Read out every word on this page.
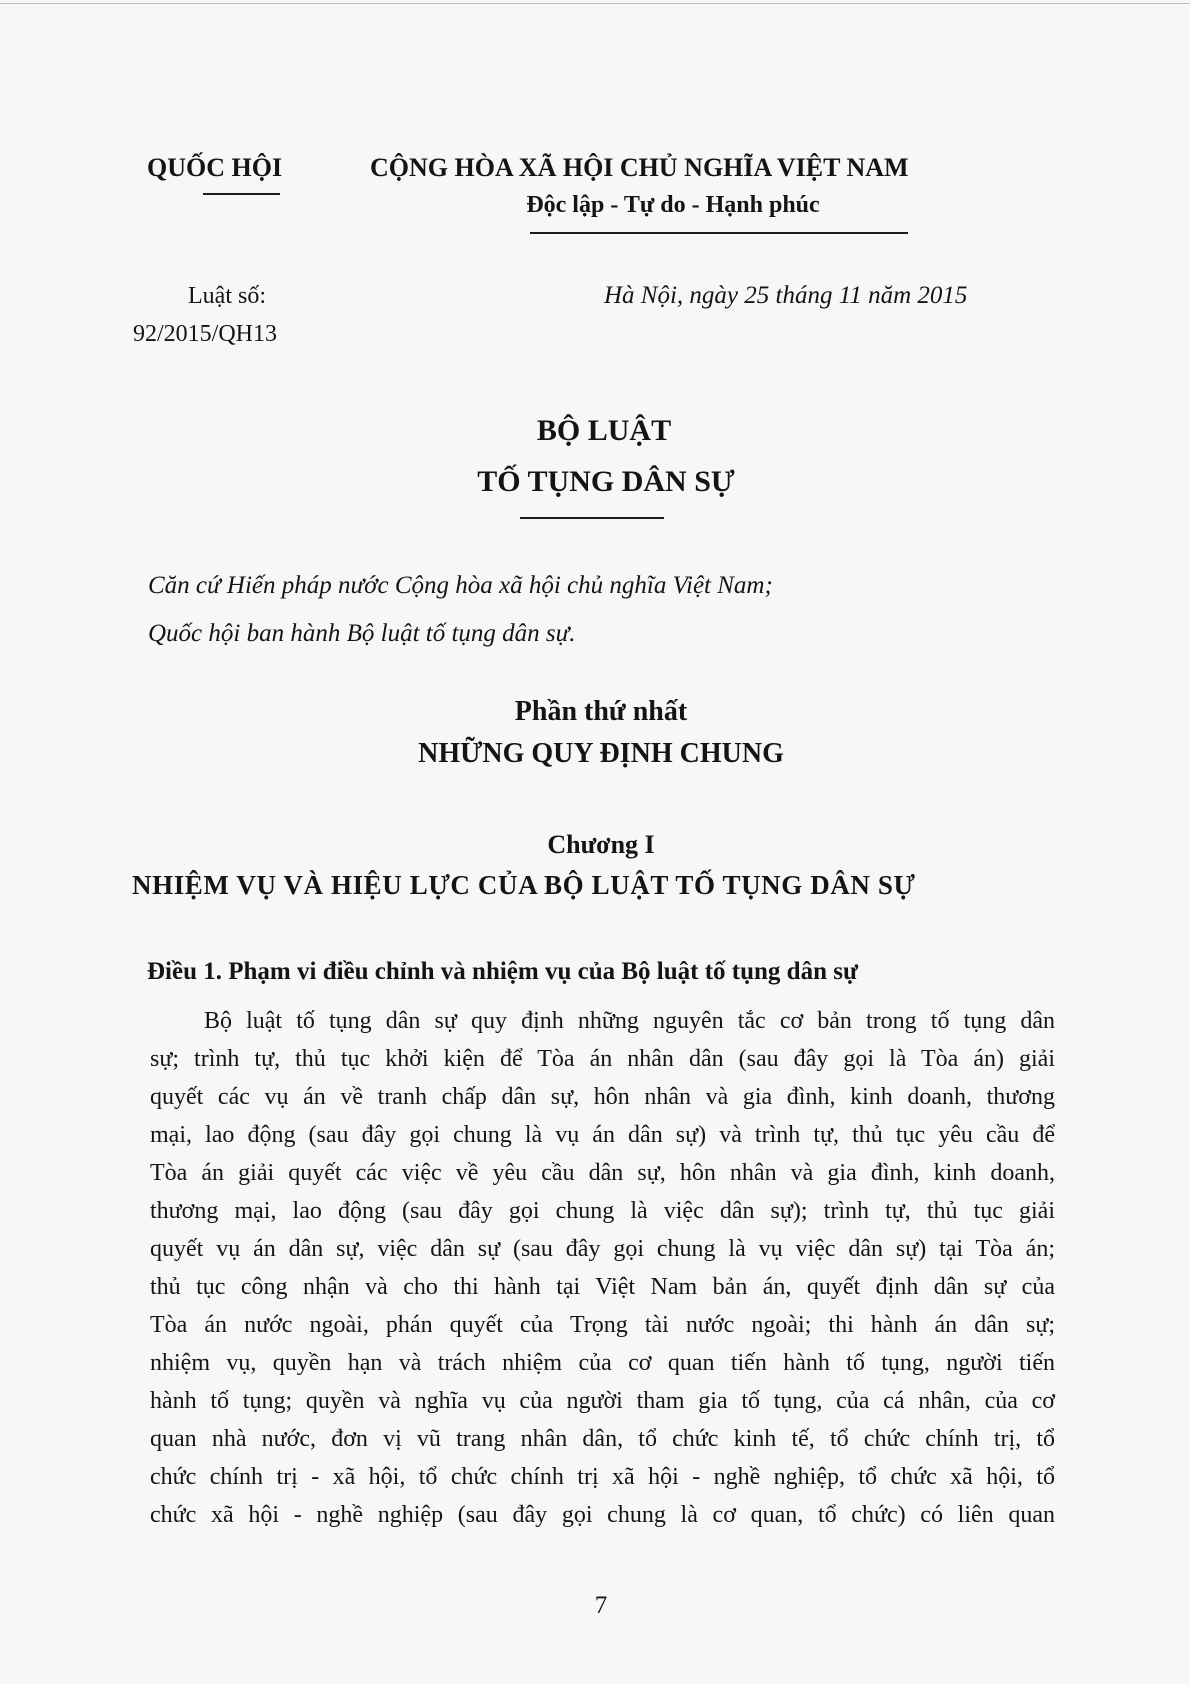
QUỐC HỘI	CỘNG HÒA XÃ HỘI CHỦ NGHĨA VIỆT NAM
Độc lập - Tự do - Hạnh phúc
Luật số:
92/2015/QH13
Hà Nội, ngày 25 tháng 11 năm 2015
BỘ LUẬT
TỐ TỤNG DÂN SỰ
Căn cứ Hiến pháp nước Cộng hòa xã hội chủ nghĩa Việt Nam;
Quốc hội ban hành Bộ luật tố tụng dân sự.
Phần thứ nhất
NHỮNG QUY ĐỊNH CHUNG
Chương I
NHIỆM VỤ VÀ HIỆU LỰC CỦA BỘ LUẬT TỐ TỤNG DÂN SỰ
Điều 1. Phạm vi điều chỉnh và nhiệm vụ của Bộ luật tố tụng dân sự
Bộ luật tố tụng dân sự quy định những nguyên tắc cơ bản trong tố tụng dân
sự; trình tự, thủ tục khởi kiện để Tòa án nhân dân (sau đây gọi là Tòa án) giải
quyết các vụ án về tranh chấp dân sự, hôn nhân và gia đình, kinh doanh, thương
mại, lao động (sau đây gọi chung là vụ án dân sự) và trình tự, thủ tục yêu cầu để
Tòa án giải quyết các việc về yêu cầu dân sự, hôn nhân và gia đình, kinh doanh,
thương mại, lao động (sau đây gọi chung là việc dân sự); trình tự, thủ tục giải
quyết vụ án dân sự, việc dân sự (sau đây gọi chung là vụ việc dân sự) tại Tòa án;
thủ tục công nhận và cho thi hành tại Việt Nam bản án, quyết định dân sự của
Tòa án nước ngoài, phán quyết của Trọng tài nước ngoài; thi hành án dân sự;
nhiệm vụ, quyền hạn và trách nhiệm của cơ quan tiến hành tố tụng, người tiến
hành tố tụng; quyền và nghĩa vụ của người tham gia tố tụng, của cá nhân, của cơ
quan nhà nước, đơn vị vũ trang nhân dân, tổ chức kinh tế, tổ chức chính trị, tổ
chức chính trị - xã hội, tổ chức chính trị xã hội - nghề nghiệp, tổ chức xã hội, tổ
chức xã hội - nghề nghiệp (sau đây gọi chung là cơ quan, tổ chức) có liên quan
7
